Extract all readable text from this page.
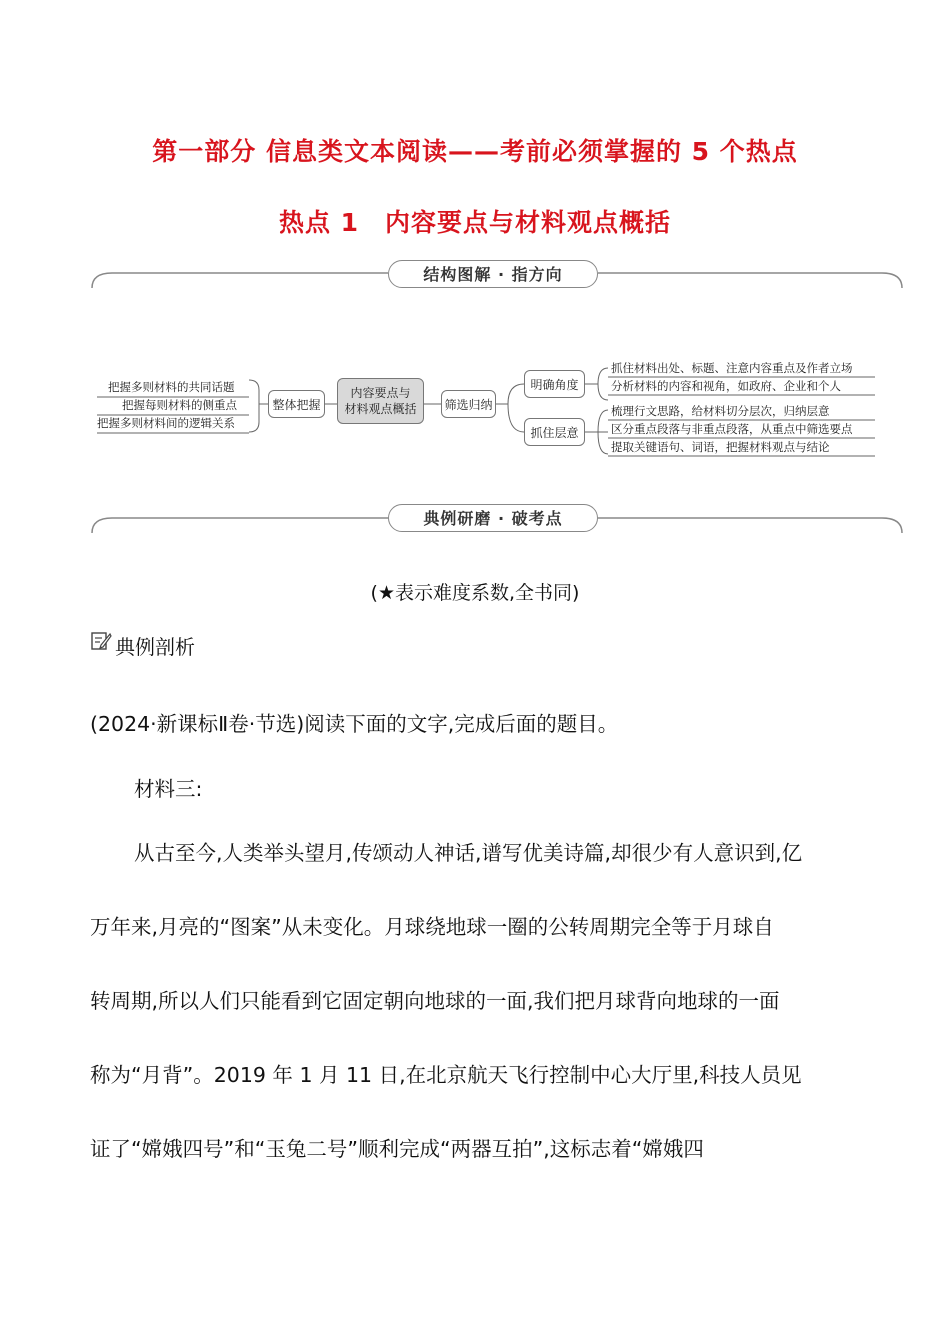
第一部分 信息类文本阅读——考前必须掌握的 5 个热点
热点 1　内容要点与材料观点概括
结构图解 · 指方向
把握多则材料的共同话题
把握每则材料的侧重点
把握多则材料间的逻辑关系
整体把握
内容要点与
材料观点概括 筛选归纳
明确角度
抓住层意
抓住材料出处、标题、注意内容重点及作者立场
分析材料的内容和视角，如政府、企业和个人
梳理行文思路，给材料切分层次，归纳层意
区分重点段落与非重点段落，从重点中筛选要点
提取关键语句、词语，把握材料观点与结论
典例研磨 · 破考点
(★表示难度系数,全书同)
典例剖析
(2024·新课标Ⅱ卷·节选)阅读下面的文字,完成后面的题目。
材料三:
从古至今,人类举头望月,传颂动人神话,谱写优美诗篇,却很少有人意识到,亿
万年来,月亮的“图案”从未变化。月球绕地球一圈的公转周期完全等于月球自
转周期,所以人们只能看到它固定朝向地球的一面,我们把月球背向地球的一面
称为“月背”。2019 年 1 月 11 日,在北京航天飞行控制中心大厅里,科技人员见
证了“嫦娥四号”和“玉兔二号”顺利完成“两器互拍”,这标志着“嫦娥四
